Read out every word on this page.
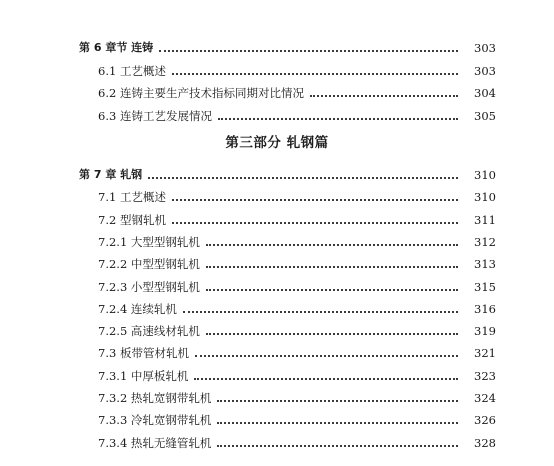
第 6 章节 连铸	303
6.1 工艺概述	303
6.2 连铸主要生产技术指标同期对比情况	304
6.3 连铸工艺发展情况	305
第三部分 轧钢篇
第 7 章 轧钢	310
7.1 工艺概述	310
7.2 型钢轧机	311
7.2.1 大型型钢轧机	312
7.2.2 中型型钢轧机	313
7.2.3 小型型钢轧机	315
7.2.4 连续轧机	316
7.2.5 高速线材轧机	319
7.3 板带管材轧机	321
7.3.1 中厚板轧机	323
7.3.2 热轧宽钢带轧机	324
7.3.3 冷轧宽钢带轧机	326
7.3.4 热轧无缝管轧机	328
